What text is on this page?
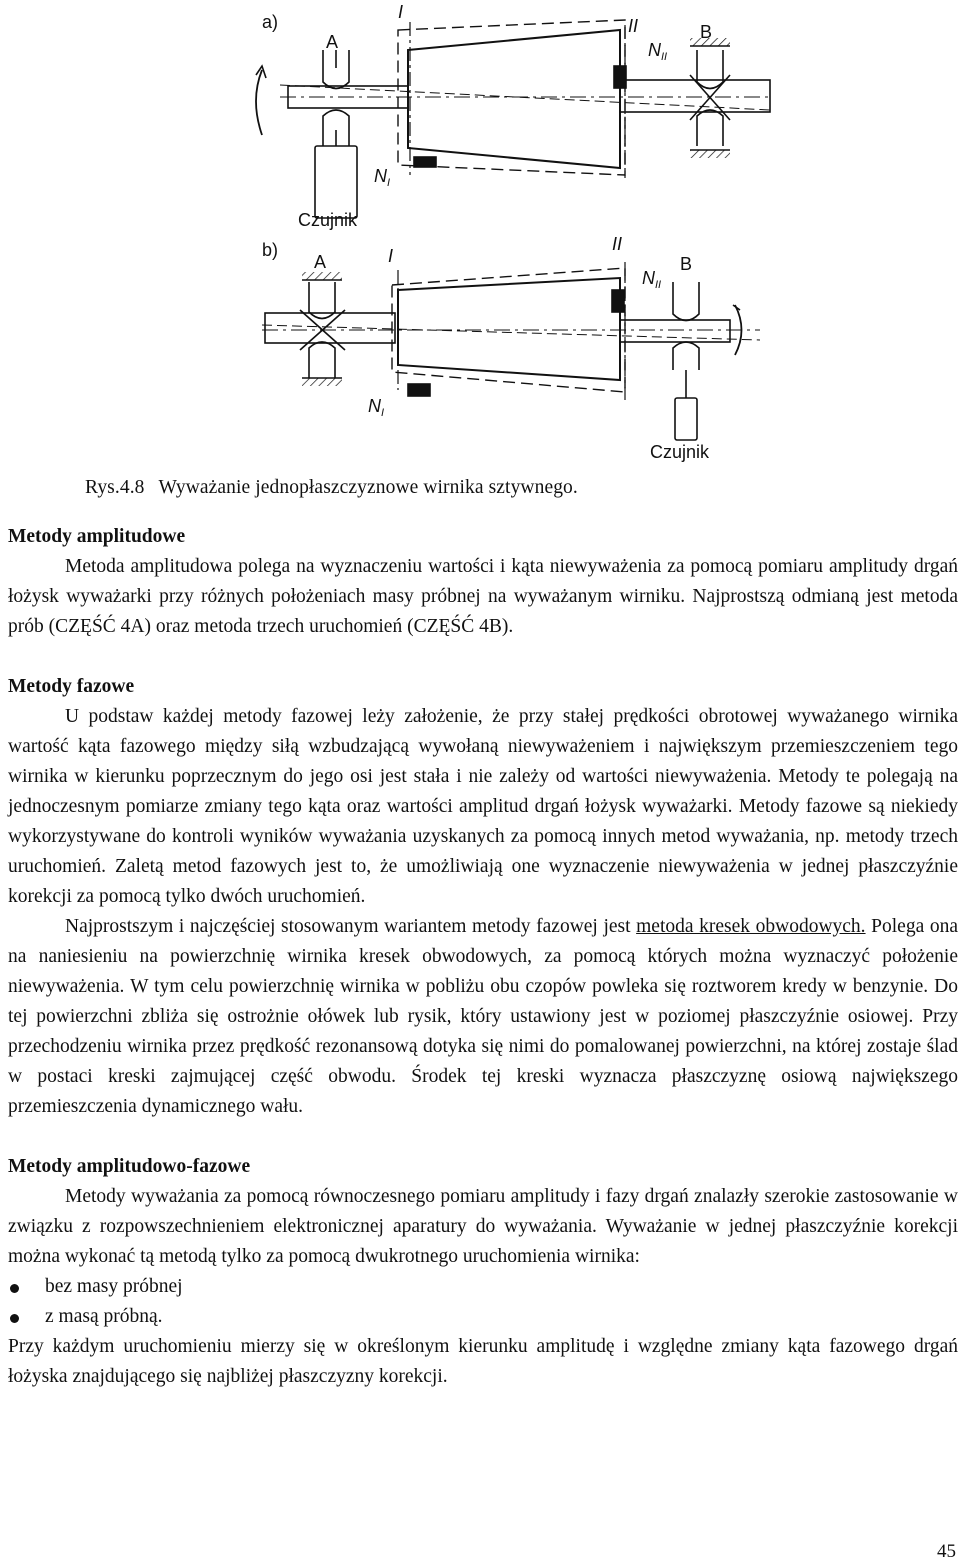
a)
A	B
I
II
$N_{II}$
$N_I$
Czujnik
b)
A	B
I
II
$N_{II}$
$N_I$
Czujnik
Rys.4.8 Wyważanie jednopłaszczyznowe wirnika sztywnego.

Metody amplitudowe

Metoda amplitudowa polega na wyznaczeniu wartości i kąta niewyważenia za pomocą pomiaru amplitudy drgań łożysk wyważarki przy różnych położeniach masy próbnej na wyważanym wirniku. Najprostszą odmianą jest metoda prób (CZĘŚĆ 4A) oraz metoda trzech uruchomień (CZĘŚĆ 4B).

Metody fazowe

U podstaw każdej metody fazowej leży założenie, że przy stałej prędkości obrotowej wyważanego wirnika wartość kąta fazowego między siłą wzbudzającą wywołaną niewyważeniem i największym przemieszczeniem tego wirnika w kierunku poprzecznym do jego osi jest stała i nie zależy od wartości niewyważenia. Metody te polegają na jednoczesnym pomiarze zmiany tego kąta oraz wartości amplitud drgań łożysk wyważarki. Metody fazowe są niekiedy wykorzystywane do kontroli wyników wyważania uzyskanych za pomocą innych metod wyważania, np. metody trzech uruchomień. Zaletą metod fazowych jest to, że umożliwiają one wyznaczenie niewyważenia w jednej płaszczyźnie korekcji za pomocą tylko dwóch uruchomień.

Najprostszym i najczęściej stosowanym wariantem metody fazowej jest metoda kresek obwodowych. Polega ona na naniesieniu na powierzchnię wirnika kresek obwodowych, za pomocą których można wyznaczyć położenie niewyważenia. W tym celu powierzchnię wirnika w pobliżu obu czopów powleka się roztworem kredy w benzynie. Do tej powierzchni zbliża się ostrożnie ołówek lub rysik, który ustawiony jest w poziomej płaszczyźnie osiowej. Przy przechodzeniu wirnika przez prędkość rezonansową dotyka się nimi do pomalowanej powierzchni, na której zostaje ślad w postaci kreski zajmującej część obwodu. Środek tej kreski wyznacza płaszczyznę osiową największego przemieszczenia dynamicznego wału.

Metody amplitudowo-fazowe

Metody wyważania za pomocą równoczesnego pomiaru amplitudy i fazy drgań znalazły szerokie zastosowanie w związku z rozpowszechnieniem elektronicznej aparatury do wyważania. Wyważanie w jednej płaszczyźnie korekcji można wykonać tą metodą tylko za pomocą dwukrotnego uruchomienia wirnika:

bez masy próbnej
z masą próbną.

Przy każdym uruchomieniu mierzy się w określonym kierunku amplitudę i względne zmiany kąta fazowego drgań łożyska znajdującego się najbliżej płaszczyzny korekcji.

45
